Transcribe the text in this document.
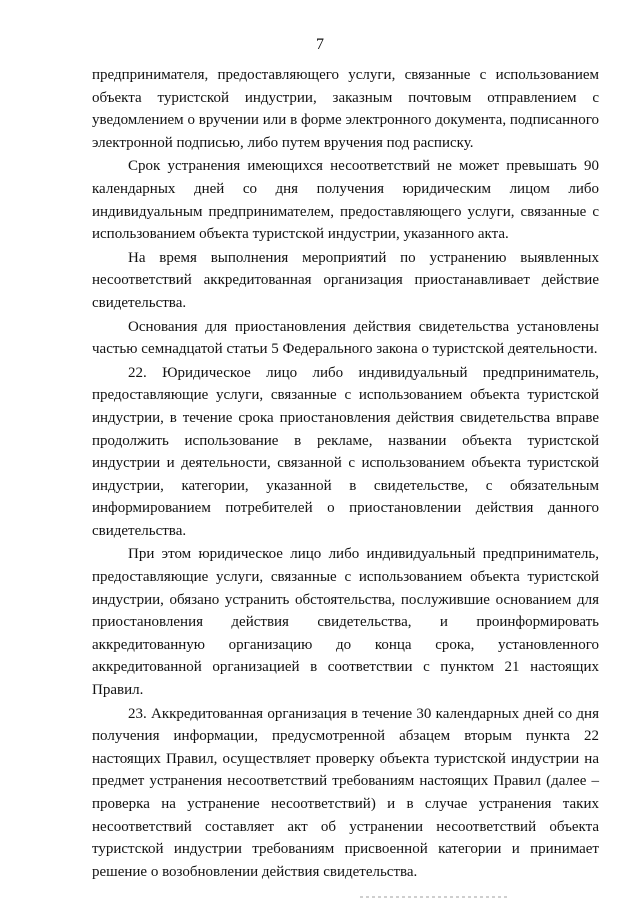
7

предпринимателя, предоставляющего услуги, связанные с использованием объекта туристской индустрии, заказным почтовым отправлением с уведомлением о вручении или в форме электронного документа, подписанного электронной подписью, либо путем вручения под расписку.

Срок устранения имеющихся несоответствий не может превышать 90 календарных дней со дня получения юридическим лицом либо индивидуальным предпринимателем, предоставляющего услуги, связанные с использованием объекта туристской индустрии, указанного акта.

На время выполнения мероприятий по устранению выявленных несоответствий аккредитованная организация приостанавливает действие свидетельства.

Основания для приостановления действия свидетельства установлены частью семнадцатой статьи 5 Федерального закона о туристской деятельности.

22. Юридическое лицо либо индивидуальный предприниматель, предоставляющие услуги, связанные с использованием объекта туристской индустрии, в течение срока приостановления действия свидетельства вправе продолжить использование в рекламе, названии объекта туристской индустрии и деятельности, связанной с использованием объекта туристской индустрии, категории, указанной в свидетельстве, с обязательным информированием потребителей о приостановлении действия данного свидетельства.

При этом юридическое лицо либо индивидуальный предприниматель, предоставляющие услуги, связанные с использованием объекта туристской индустрии, обязано устранить обстоятельства, послужившие основанием для приостановления действия свидетельства, и проинформировать аккредитованную организацию до конца срока, установленного аккредитованной организацией в соответствии с пунктом 21 настоящих Правил.

23. Аккредитованная организация в течение 30 календарных дней со дня получения информации, предусмотренной абзацем вторым пункта 22 настоящих Правил, осуществляет проверку объекта туристской индустрии на предмет устранения несоответствий требованиям настоящих Правил (далее – проверка на устранение несоответствий) и в случае устранения таких несоответствий составляет акт об устранении несоответствий объекта туристской индустрии требованиям присвоенной категории и принимает решение о возобновлении действия свидетельства.
